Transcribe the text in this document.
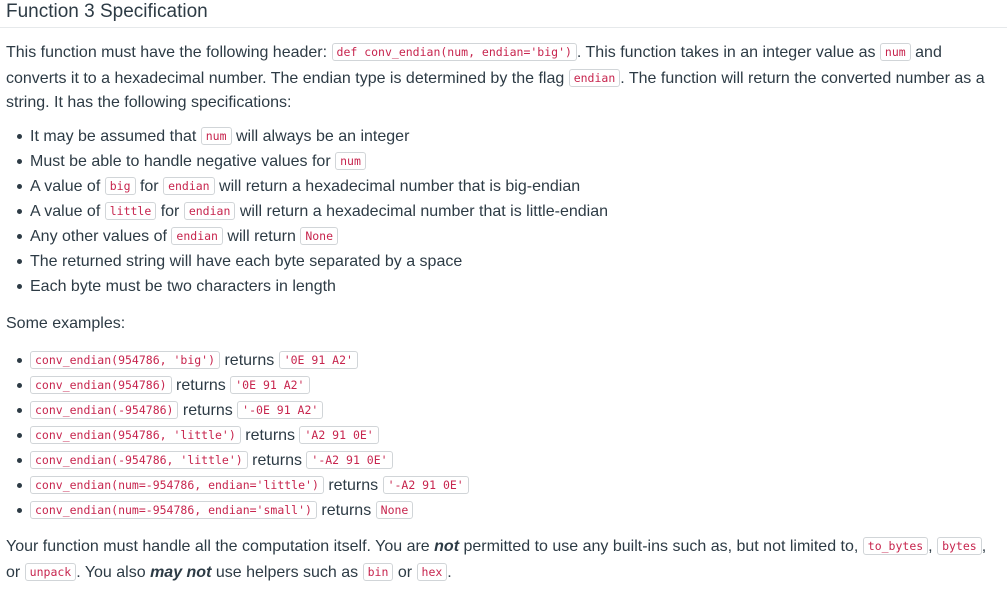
Function 3 Specification

This function must have the following header: def conv_endian(num, endian='big') . This function takes in an integer value as num and converts it to a hexadecimal number. The endian type is determined by the flag endian . The function will return the converted number as a string. It has the following specifications:

It may be assumed that num will always be an integer
Must be able to handle negative values for num
A value of big for endian will return a hexadecimal number that is big-endian
A value of little for endian will return a hexadecimal number that is little-endian
Any other values of endian will return None
The returned string will have each byte separated by a space
Each byte must be two characters in length

Some examples:

conv_endian(954786, 'big') returns '0E 91 A2'
conv_endian(954786) returns '0E 91 A2'
conv_endian(-954786) returns '-0E 91 A2'
conv_endian(954786, 'little') returns 'A2 91 0E'
conv_endian(-954786, 'little') returns '-A2 91 0E'
conv_endian(num=-954786, endian='little') returns '-A2 91 0E'
conv_endian(num=-954786, endian='small') returns None

Your function must handle all the computation itself. You are not permitted to use any built-ins such as, but not limited to, to_bytes , bytes , or unpack . You also may not use helpers such as bin or hex .
